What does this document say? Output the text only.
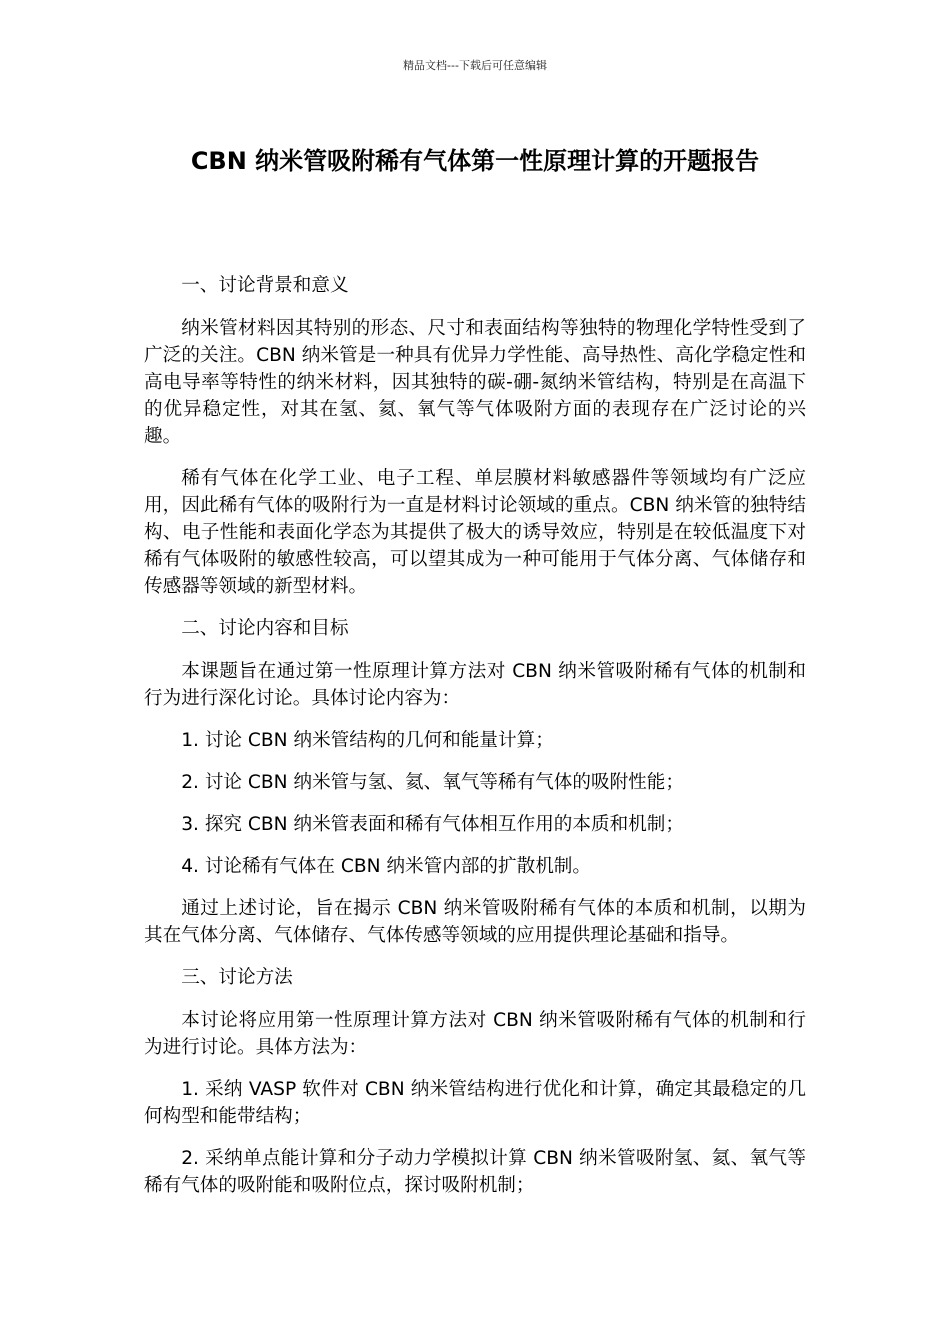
精品文档---下载后可任意编辑
CBN 纳米管吸附稀有气体第一性原理计算的开题报告

一、讨论背景和意义

纳米管材料因其特别的形态、尺寸和表面结构等独特的物理化学特性受到了广泛的关注。CBN 纳米管是一种具有优异力学性能、高导热性、高化学稳定性和高电导率等特性的纳米材料，因其独特的碳-硼-氮纳米管结构，特别是在高温下的优异稳定性，对其在氢、氦、氧气等气体吸附方面的表现存在广泛讨论的兴趣。

稀有气体在化学工业、电子工程、单层膜材料敏感器件等领域均有广泛应用，因此稀有气体的吸附行为一直是材料讨论领域的重点。CBN 纳米管的独特结构、电子性能和表面化学态为其提供了极大的诱导效应，特别是在较低温度下对稀有气体吸附的敏感性较高，可以望其成为一种可能用于气体分离、气体储存和传感器等领域的新型材料。

二、讨论内容和目标

本课题旨在通过第一性原理计算方法对 CBN 纳米管吸附稀有气体的机制和行为进行深化讨论。具体讨论内容为：

1. 讨论 CBN 纳米管结构的几何和能量计算；

2. 讨论 CBN 纳米管与氢、氦、氧气等稀有气体的吸附性能；

3. 探究 CBN 纳米管表面和稀有气体相互作用的本质和机制；

4. 讨论稀有气体在 CBN 纳米管内部的扩散机制。

通过上述讨论，旨在揭示 CBN 纳米管吸附稀有气体的本质和机制，以期为其在气体分离、气体储存、气体传感等领域的应用提供理论基础和指导。

三、讨论方法

本讨论将应用第一性原理计算方法对 CBN 纳米管吸附稀有气体的机制和行为进行讨论。具体方法为：

1. 采纳 VASP 软件对 CBN 纳米管结构进行优化和计算，确定其最稳定的几何构型和能带结构；

2. 采纳单点能计算和分子动力学模拟计算 CBN 纳米管吸附氢、氦、氧气等稀有气体的吸附能和吸附位点，探讨吸附机制；
